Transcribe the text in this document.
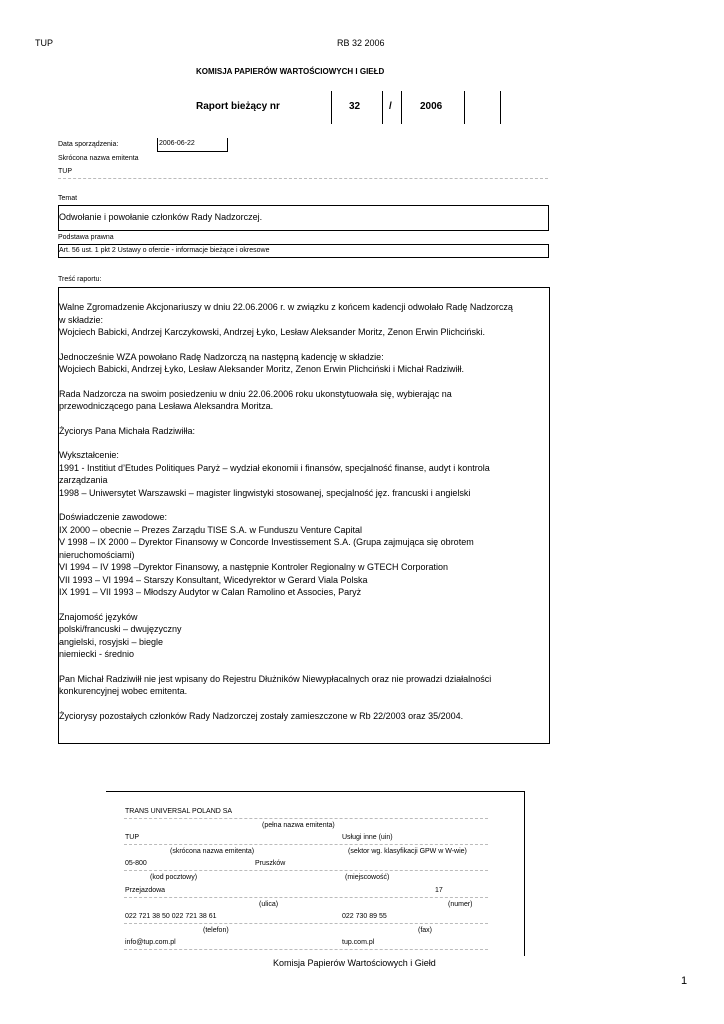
TUP	RB 32 2006
KOMISJA PAPIERÓW WARTOŚCIOWYCH I GIEŁD
Raport bieżący nr	32	/	2006
Data sporządzenia:	2006-06-22
Skrócona nazwa emitenta
TUP
Temat
Odwołanie i powołanie członków Rady Nadzorczej.
Podstawa prawna
Art. 56 ust. 1 pkt 2 Ustawy o ofercie - informacje bieżące i okresowe
Treść raportu:

Walne Zgromadzenie Akcjonariuszy w dniu 22.06.2006 r. w związku z końcem kadencji odwołało Radę Nadzorczą
w składzie:
Wojciech Babicki, Andrzej Karczykowski, Andrzej Łyko, Lesław Aleksander Moritz, Zenon Erwin Plichciński.

Jednocześnie WZA powołano Radę Nadzorczą na następną kadencję w składzie:
Wojciech Babicki, Andrzej Łyko, Lesław Aleksander Moritz, Zenon Erwin Plichciński i Michał Radziwiłł.

Rada Nadzorcza na swoim posiedzeniu w dniu 22.06.2006 roku ukonstytuowała się, wybierając na
przewodniczącego pana Lesława Aleksandra Moritza.

Życiorys Pana Michała Radziwiłła:

Wykształcenie:
1991 - Institiut d’Etudes Politiques Paryż – wydział ekonomii i finansów, specjalność finanse, audyt i kontrola
zarządzania
1998 – Uniwersytet Warszawski – magister lingwistyki stosowanej, specjalność jęz. francuski i angielski

Doświadczenie zawodowe:
IX 2000 – obecnie – Prezes Zarządu TISE S.A. w Funduszu Venture Capital
V 1998 – IX 2000 – Dyrektor Finansowy w Concorde Investissement S.A. (Grupa zajmująca się obrotem
nieruchomościami)
VI 1994 – IV 1998 –Dyrektor Finansowy, a następnie Kontroler Regionalny w GTECH Corporation
VII 1993 – VI 1994 – Starszy Konsultant, Wicedyrektor w Gerard Viala Polska
IX 1991 – VII 1993 – Młodszy Audytor w Calan Ramolino et Associes, Paryż

Znajomość języków
polski/francuski – dwujęzyczny
angielski, rosyjski – biegle
niemiecki - średnio

Pan Michał Radziwiłł nie jest wpisany do Rejestru Dłużników Niewypłacalnych oraz nie prowadzi działalności
konkurencyjnej wobec emitenta.

Życiorysy pozostałych członków Rady Nadzorczej zostały zamieszczone w Rb 22/2003 oraz 35/2004.

TRANS UNIVERSAL POLAND SA
(pełna nazwa emitenta)
TUP	Usługi inne (uin)
(skrócona nazwa emitenta)	(sektor wg. klasyfikacji GPW w W-wie)
05-800	Pruszków
(kod pocztowy)	(miejscowość)
Przejazdowa	17
(ulica)	(numer)
022 721 38 50 022 721 38 61	022 730 89 55
(telefon)	(fax)
info@tup.com.pl	tup.com.pl
Komisja Papierów Wartościowych i Giełd
1
